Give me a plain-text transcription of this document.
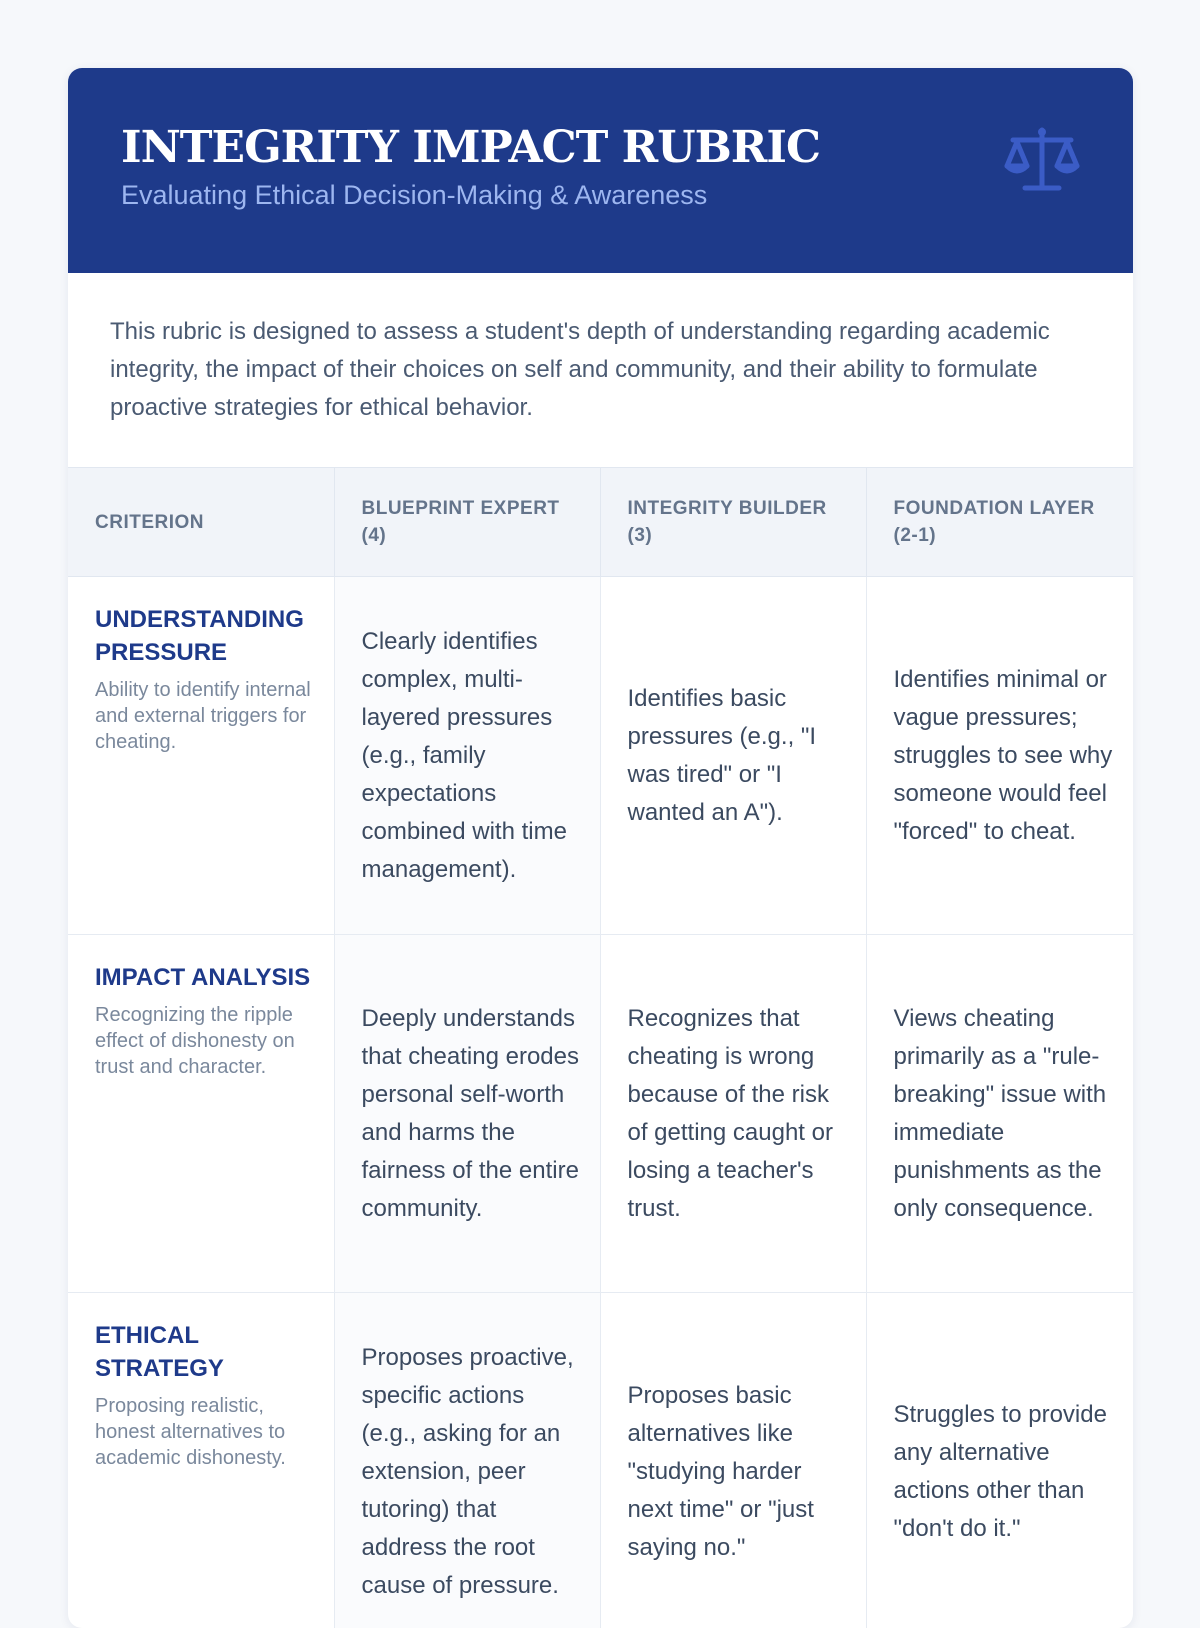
INTEGRITY IMPACT RUBRIC
Evaluating Ethical Decision-Making & Awareness
This rubric is designed to assess a student's depth of understanding regarding academic integrity, the impact of their choices on self and community, and their ability to formulate proactive strategies for ethical behavior.
CRITERION	BLUEPRINT EXPERT (4)	INTEGRITY BUILDER (3)	FOUNDATION LAYER (2-1)

UNDERSTANDING PRESSURE
Ability to identify internal and external triggers for cheating.	Clearly identifies complex, multi-layered pressures (e.g., family expectations combined with time management).	Identifies basic pressures (e.g., "I was tired" or "I wanted an A").	Identifies minimal or vague pressures; struggles to see why someone would feel "forced" to cheat.

IMPACT ANALYSIS
Recognizing the ripple effect of dishonesty on trust and character.	Deeply understands that cheating erodes personal self-worth and harms the fairness of the entire community.	Recognizes that cheating is wrong because of the risk of getting caught or losing a teacher's trust.	Views cheating primarily as a "rule-breaking" issue with immediate punishments as the only consequence.

ETHICAL STRATEGY
Proposing realistic, honest alternatives to academic dishonesty.	Proposes proactive, specific actions (e.g., asking for an extension, peer tutoring) that address the root cause of pressure.	Proposes basic alternatives like "studying harder next time" or "just saying no."	Struggles to provide any alternative actions other than "don't do it."
